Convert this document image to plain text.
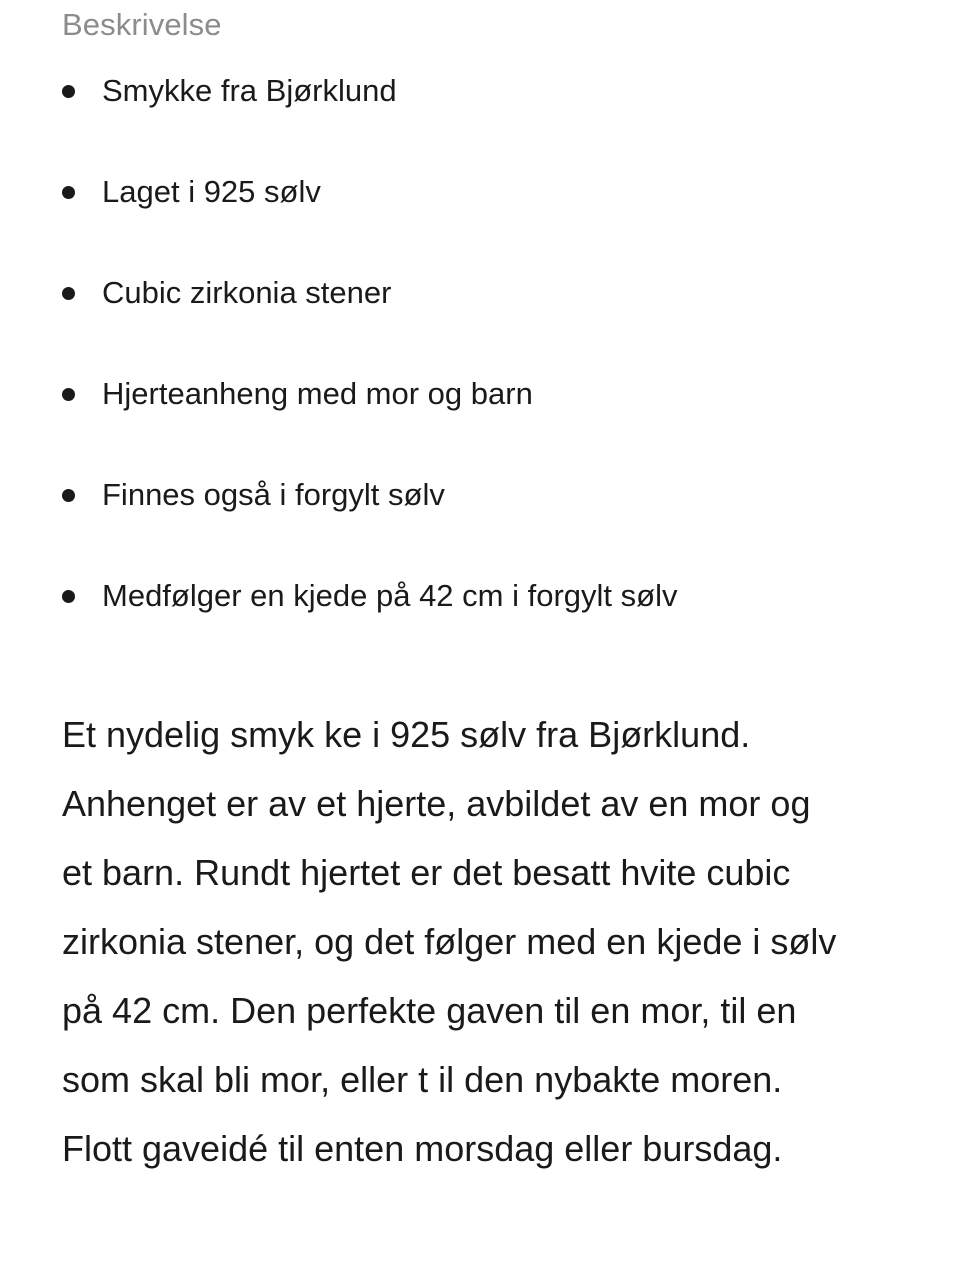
Beskrivelse
Smykke fra Bjørklund
Laget i 925 sølv
Cubic zirkonia stener
Hjerteanheng med mor og barn
Finnes også i forgylt sølv
Medfølger en kjede på 42 cm i forgylt sølv

Et nydelig smyk ke i 925 sølv fra Bjørklund.
Anhenget er av et hjerte, avbildet av en mor og
et barn. Rundt hjertet er det besatt hvite cubic
zirkonia stener, og det følger med en kjede i sølv
på 42 cm. Den perfekte gaven til en mor, til en
som skal bli mor, eller t il den nybakte moren.
Flott gaveidé til enten morsdag eller bursdag.
